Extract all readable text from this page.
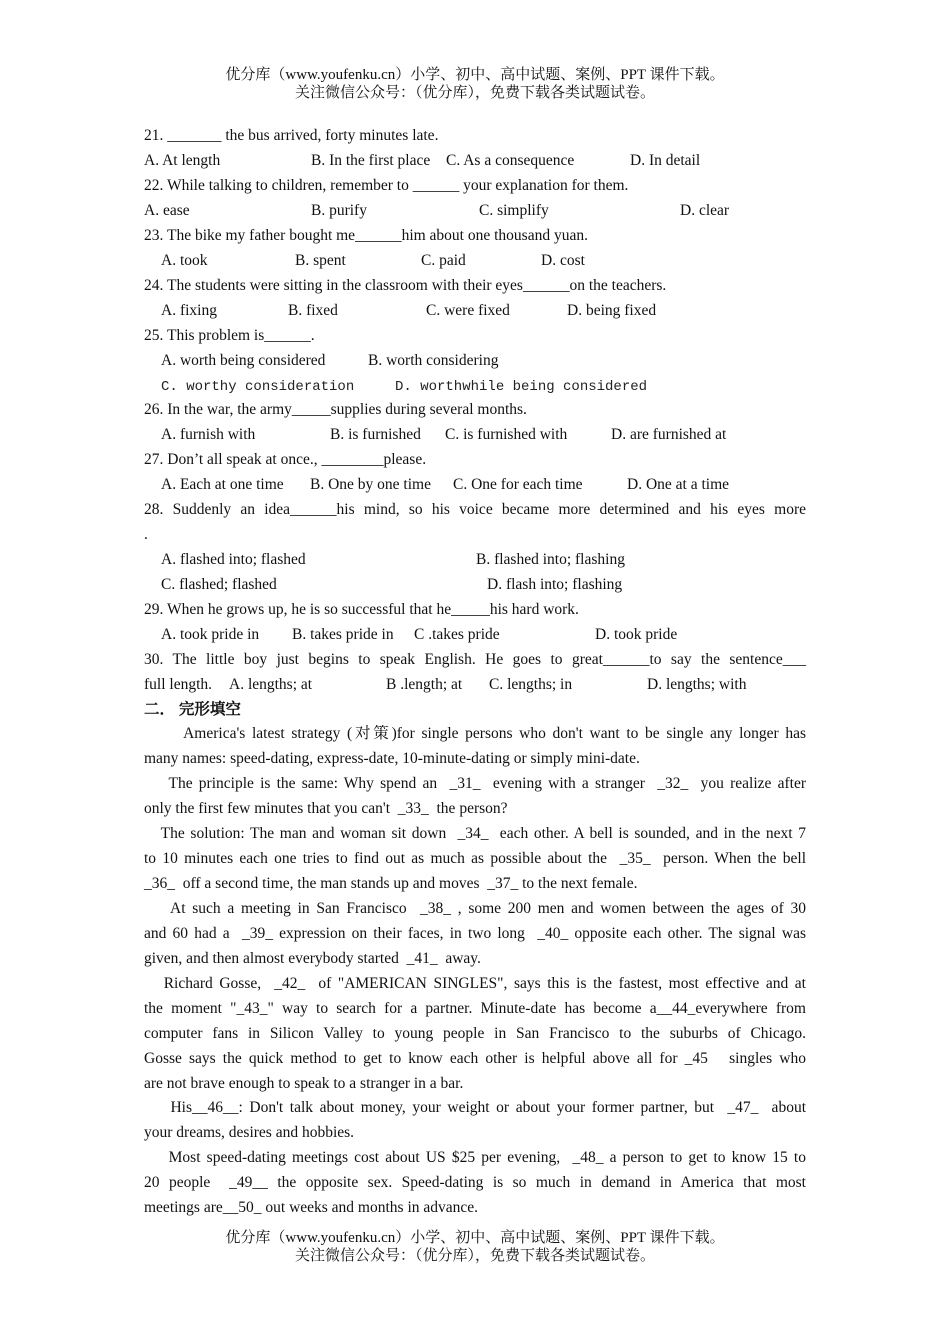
优分库（www.youfenku.cn）小学、初中、高中试题、案例、PPT 课件下载。
关注微信公众号：（优分库），免费下载各类试题试卷。
21. _______ the bus arrived, forty minutes late.
A. At length	B. In the first place C. As a consequence	D. In detail
22. While talking to children, remember to ______ your explanation for them.
A. ease	B. purify	C. simplify	D. clear
23. The bike my father bought me______him about one thousand yuan.
A. took	B. spent	C. paid	D. cost
24. The students were sitting in the classroom with their eyes______on the teachers.
A. fixing	B. fixed	C. were fixed	D. being fixed
25. This problem is______.
A. worth being considered	B. worth considering
C. worthy consideration	D. worthwhile being considered
26. In the war, the army_____supplies during several months.
A. furnish with	B. is furnished C. is furnished with	D. are furnished at
27. Don’t all speak at once., ________please.
A. Each at one time B. One by one time C. One for each time	D. One at a time
28. Suddenly an idea______his mind, so his voice became more determined and his eyes more
.
A. flashed into; flashed	B. flashed into; flashing
C. flashed; flashed	D. flash into; flashing
29. When he grows up, he is so successful that he_____his hard work.
A. took pride in B. takes pride in C .takes pride	D. took pride
30. The little boy just begins to speak English. He goes to great______to say the sentence___
full length. A. lengths; at	B .length; at C. lengths; in	D. lengths; with
二． 完形填空
America's latest strategy (对策)for single persons who don't want to be single any longer has
many names: speed-dating, express-date, 10-minute-dating or simply mini-date.
The principle is the same: Why spend an  _31_  evening with a stranger  _32_  you realize after
only the first few minutes that you can't  _33_  the person?
The solution: The man and woman sit down  _34_  each other. A bell is sounded, and in the next 7
to 10 minutes each one tries to find out as much as possible about the  _35_  person. When the bell
_36_  off a second time, the man stands up and moves  _37_ to the next female.
At such a meeting in San Francisco  _38_ , some 200 men and women between the ages of 30
and 60 had a  _39_ expression on their faces, in two long  _40_ opposite each other. The signal was
given, and then almost everybody started  _41_  away.
Richard Gosse,  _42_  of "AMERICAN SINGLES", says this is the fastest, most effective and at
the moment "_43_" way to search for a partner. Minute-date has become a__44_everywhere from
computer fans in Silicon Valley to young people in San Francisco to the suburbs of Chicago.
Gosse says the quick method to get to know each other is helpful above all for _45   singles who
are not brave enough to speak to a stranger in a bar.
His__46__: Don't talk about money, your weight or about your former partner, but  _47_  about
your dreams, desires and hobbies.
Most speed-dating meetings cost about US $25 per evening,  _48_ a person to get to know 15 to
20 people  _49__ the opposite sex. Speed-dating is so much in demand in America that most
meetings are__50_ out weeks and months in advance.
优分库（www.youfenku.cn）小学、初中、高中试题、案例、PPT 课件下载。
关注微信公众号：（优分库），免费下载各类试题试卷。
